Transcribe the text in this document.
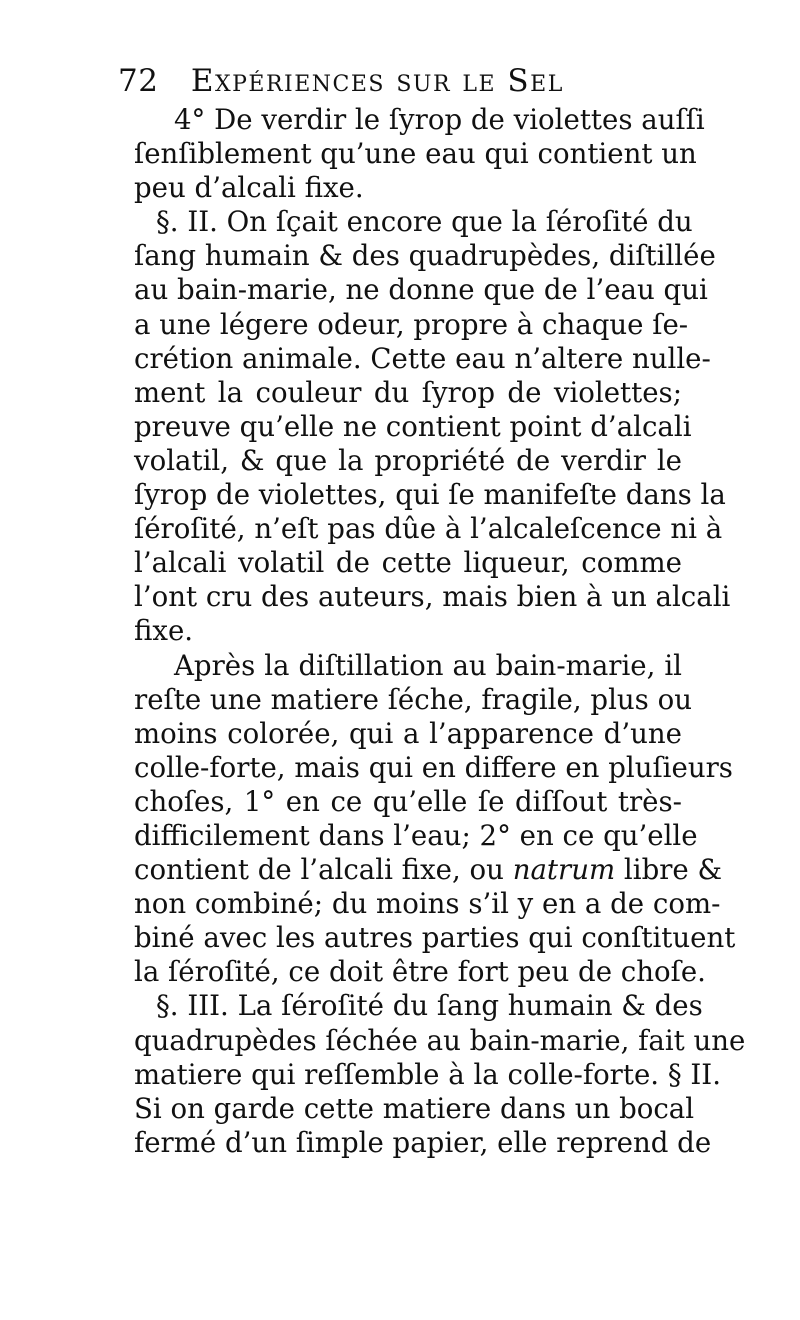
72 Expériences sur le Sel
4° De verdir le ſyrop de violettes auſſi
ſenſiblement qu’une eau qui contient un
peu d’alcali fixe.
§. II. On ſçait encore que la ſéroſité du
ſang humain & des quadrupèdes, diſtillée
au bain-marie, ne donne que de l’eau qui
a une légere odeur, propre à chaque ſe-
crétion animale. Cette eau n’altere nulle-
ment la couleur du ſyrop de violettes;
preuve qu’elle ne contient point d’alcali
volatil, & que la propriété de verdir le
ſyrop de violettes, qui ſe manifeſte dans la
ſéroſité, n’eſt pas dûe à l’alcaleſcence ni à
l’alcali volatil de cette liqueur, comme
l’ont cru des auteurs, mais bien à un alcali
fixe.
Après la diſtillation au bain-marie, il
reſte une matiere ſéche, fragile, plus ou
moins colorée, qui a l’apparence d’une
colle-forte, mais qui en differe en pluſieurs
choſes, 1° en ce qu’elle ſe diſſout très-
difficilement dans l’eau; 2° en ce qu’elle
contient de l’alcali fixe, ou natrum libre &
non combiné; du moins s’il y en a de com-
biné avec les autres parties qui conſtituent
la ſéroſité, ce doit être fort peu de choſe.
§. III. La ſéroſité du ſang humain & des
quadrupèdes ſéchée au bain-marie, fait une
matiere qui reſſemble à la colle-forte. § II.
Si on garde cette matiere dans un bocal
fermé d’un ſimple papier, elle reprend de
